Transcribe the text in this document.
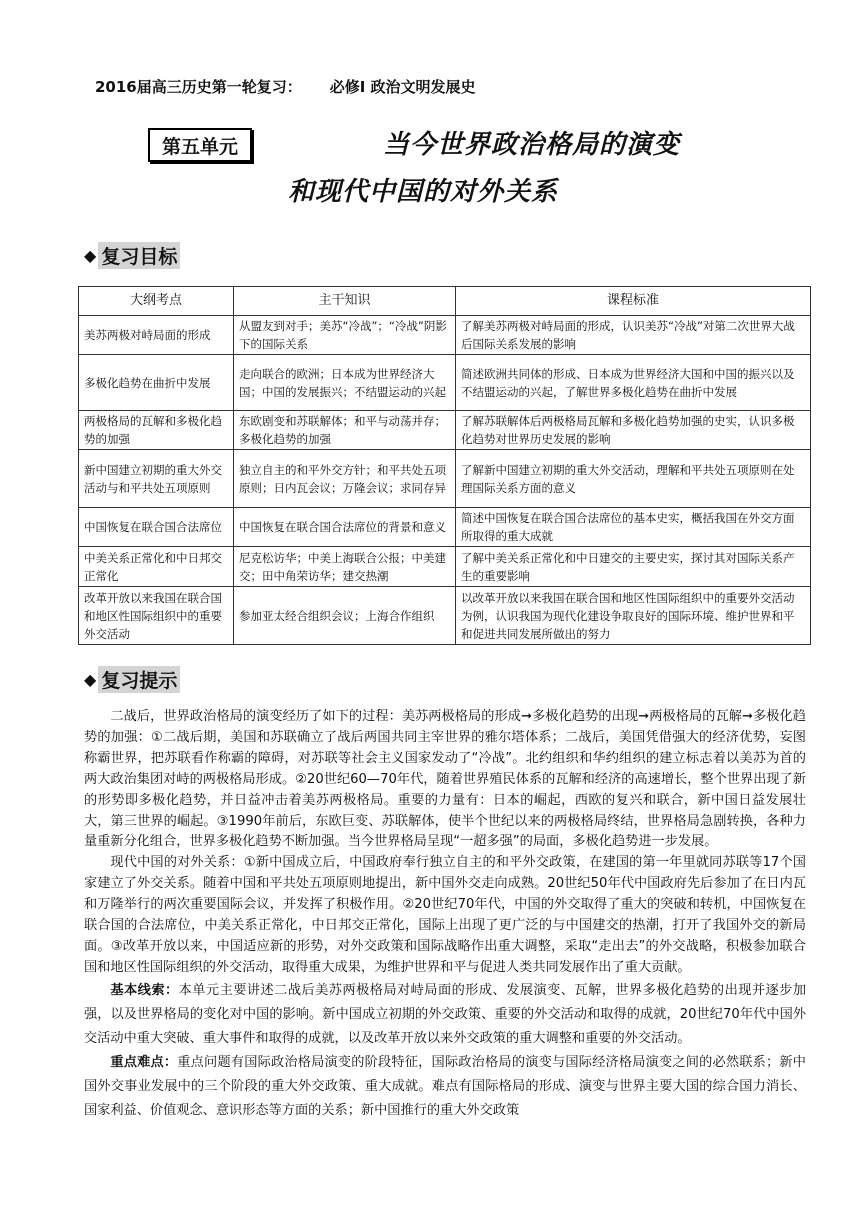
2016届高三历史第一轮复习： 必修Ⅰ 政治文明发展史
第五单元	当今世界政治格局的演变
和现代中国的对外关系
◆ 复习目标
大纲考点	主干知识	课程标准
美苏两极对峙局面的形成	从盟友到对手；美苏“冷战”；“冷战”阴影下的国际关系	了解美苏两极对峙局面的形成，认识美苏“冷战”对第二次世界大战后国际关系发展的影响
多极化趋势在曲折中发展	走向联合的欧洲；日本成为世界经济大国；中国的发展振兴；不结盟运动的兴起	简述欧洲共同体的形成、日本成为世界经济大国和中国的振兴以及不结盟运动的兴起，了解世界多极化趋势在曲折中发展
两极格局的瓦解和多极化趋势的加强	东欧剧变和苏联解体；和平与动荡并存；多极化趋势的加强	了解苏联解体后两极格局瓦解和多极化趋势加强的史实，认识多极化趋势对世界历史发展的影响
新中国建立初期的重大外交活动与和平共处五项原则	独立自主的和平外交方针；和平共处五项原则；日内瓦会议；万隆会议；求同存异	了解新中国建立初期的重大外交活动，理解和平共处五项原则在处理国际关系方面的意义
中国恢复在联合国合法席位	中国恢复在联合国合法席位的背景和意义	简述中国恢复在联合国合法席位的基本史实，概括我国在外交方面所取得的重大成就
中美关系正常化和中日邦交正常化	尼克松访华；中美上海联合公报；中美建交；田中角荣访华；建交热潮	了解中美关系正常化和中日建交的主要史实，探讨其对国际关系产生的重要影响
改革开放以来我国在联合国和地区性国际组织中的重要外交活动	参加亚太经合组织会议；上海合作组织	以改革开放以来我国在联合国和地区性国际组织中的重要外交活动为例，认识我国为现代化建设争取良好的国际环境、维护世界和平和促进共同发展所做出的努力
◆ 复习提示

二战后，世界政治格局的演变经历了如下的过程：美苏两极格局的形成➞多极化趋势的出现➞两极格局的瓦解➞多极化趋势的加强：①二战后期，美国和苏联确立了战后两国共同主宰世界的雅尔塔体系；二战后，美国凭借强大的经济优势，妄图称霸世界，把苏联看作称霸的障碍，对苏联等社会主义国家发动了“冷战”。北约组织和华约组织的建立标志着以美苏为首的两大政治集团对峙的两极格局形成。②20世纪60—70年代，随着世界殖民体系的瓦解和经济的高速增长，整个世界出现了新的形势即多极化趋势，并日益冲击着美苏两极格局。重要的力量有：日本的崛起，西欧的复兴和联合，新中国日益发展壮大，第三世界的崛起。③1990年前后，东欧巨变、苏联解体，使半个世纪以来的两极格局终结，世界格局急剧转换，各种力量重新分化组合，世界多极化趋势不断加强。当今世界格局呈现“一超多强”的局面，多极化趋势进一步发展。

现代中国的对外关系：①新中国成立后，中国政府奉行独立自主的和平外交政策，在建国的第一年里就同苏联等17个国家建立了外交关系。随着中国和平共处五项原则地提出，新中国外交走向成熟。20世纪50年代中国政府先后参加了在日内瓦和万隆举行的两次重要国际会议，并发挥了积极作用。②20世纪70年代，中国的外交取得了重大的突破和转机，中国恢复在联合国的合法席位，中美关系正常化，中日邦交正常化，国际上出现了更广泛的与中国建交的热潮，打开了我国外交的新局面。③改革开放以来，中国适应新的形势，对外交政策和国际战略作出重大调整，采取“走出去”的外交战略，积极参加联合国和地区性国际组织的外交活动，取得重大成果，为维护世界和平与促进人类共同发展作出了重大贡献。

基本线索：本单元主要讲述二战后美苏两极格局对峙局面的形成、发展演变、瓦解，世界多极化趋势的出现并逐步加强，以及世界格局的变化对中国的影响。新中国成立初期的外交政策、重要的外交活动和取得的成就，20世纪70年代中国外交活动中重大突破、重大事件和取得的成就，以及改革开放以来外交政策的重大调整和重要的外交活动。

重点难点：重点问题有国际政治格局演变的阶段特征，国际政治格局的演变与国际经济格局演变之间的必然联系；新中国外交事业发展中的三个阶段的重大外交政策、重大成就。难点有国际格局的形成、演变与世界主要大国的综合国力消长、国家利益、价值观念、意识形态等方面的关系；新中国推行的重大外交政策
